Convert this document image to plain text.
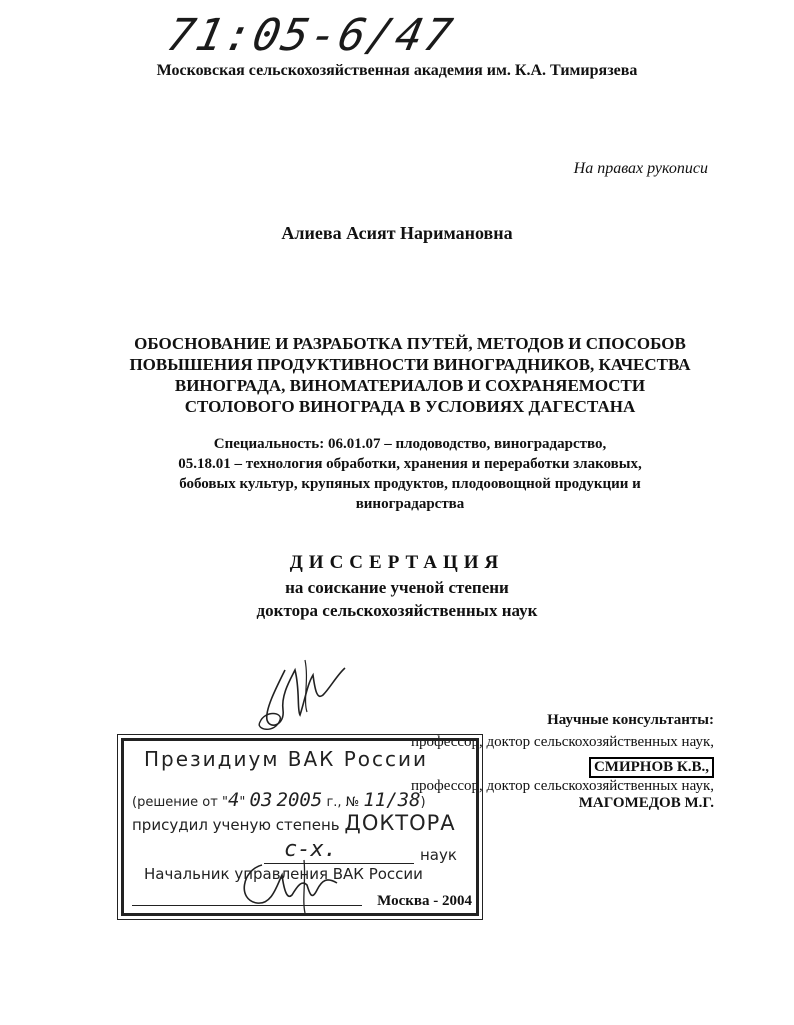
71:05-6/47
Московская сельскохозяйственная академия им. К.А. Тимирязева
На правах рукописи
Алиева Асият Наримановна
ОБОСНОВАНИЕ И РАЗРАБОТКА ПУТЕЙ, МЕТОДОВ И СПОСОБОВ
ПОВЫШЕНИЯ ПРОДУКТИВНОСТИ ВИНОГРАДНИКОВ, КАЧЕСТВА
ВИНОГРАДА, ВИНОМАТЕРИАЛОВ И СОХРАНЯЕМОСТИ
СТОЛОВОГО ВИНОГРАДА В УСЛОВИЯХ ДАГЕСТАНА
Специальность: 06.01.07 – плодоводство, виноградарство,
05.18.01 – технология обработки, хранения и переработки злаковых,
бобовых культур, крупяных продуктов, плодоовощной продукции и
виноградарства
ДИССЕРТАЦИЯ
на соискание ученой степени
доктора сельскохозяйственных наук
Научные консультанты:
профессор, доктор сельскохозяйственных наук,
СМИРНОВ К.В.,
профессор, доктор сельскохозяйственных наук,
МАГОМЕДОВ М.Г.
Президиум ВАК России
(решение от "4" 03 2005 г., № 11/38)
присудил ученую степень ДОКТОРА
с-х.	наук
Начальник управления ВАК России
Москва - 2004
